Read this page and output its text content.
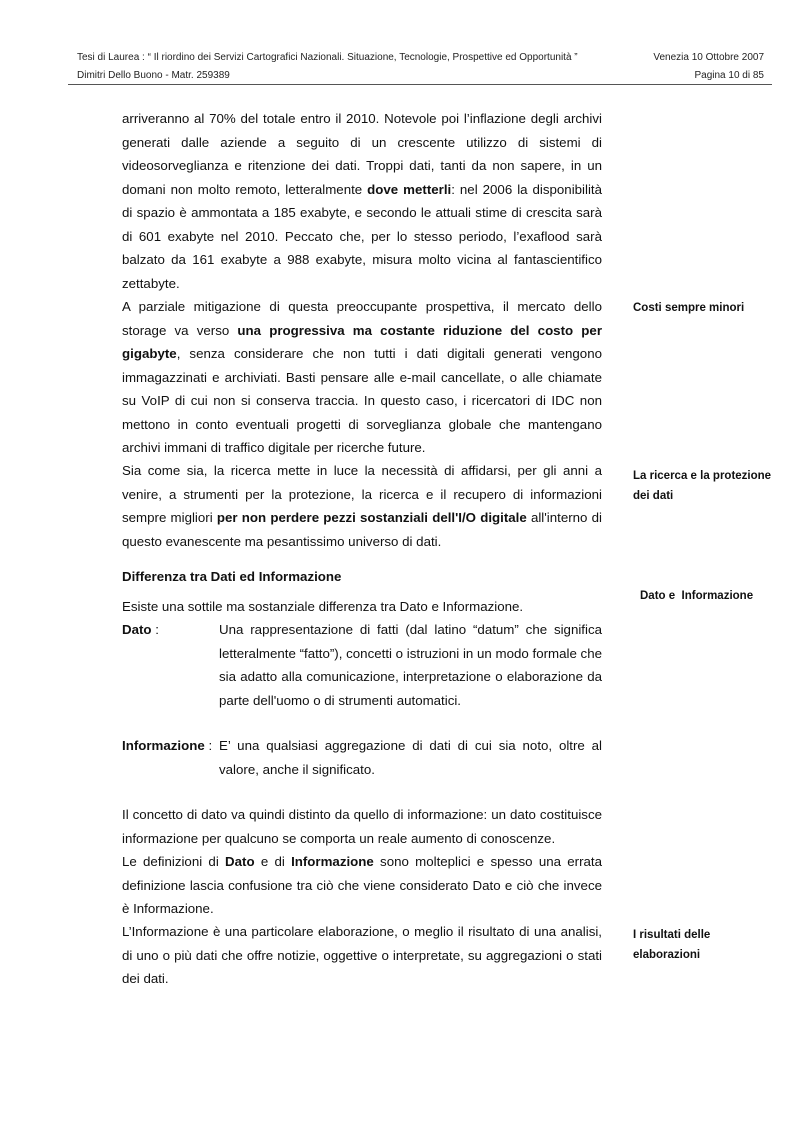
Tesi di Laurea : “ Il riordino dei Servizi Cartografici Nazionali. Situazione, Tecnologie, Prospettive ed Opportunità ”
Dimitri Dello Buono - Matr. 259389
Venezia 10 Ottobre 2007
Pagina 10 di 85

arriveranno al 70% del totale entro il 2010. Notevole poi l’inflazione degli archivi generati dalle aziende a seguito di un crescente utilizzo di sistemi di videosorveglianza e ritenzione dei dati. Troppi dati, tanti da non sapere, in un domani non molto remoto, letteralmente dove metterli: nel 2006 la disponibilità di spazio è ammontata a 185 exabyte, e secondo le attuali stime di crescita sarà di 601 exabyte nel 2010. Peccato che, per lo stesso periodo, l’exaflood sarà balzato da 161 exabyte a 988 exabyte, misura molto vicina al fantascientifico zettabyte.

A parziale mitigazione di questa preoccupante prospettiva, il mercato dello storage va verso una progressiva ma costante riduzione del costo per gigabyte, senza considerare che non tutti i dati digitali generati vengono immagazzinati e archiviati. Basti pensare alle e-mail cancellate, o alle chiamate su VoIP di cui non si conserva traccia. In questo caso, i ricercatori di IDC non mettono in conto eventuali progetti di sorveglianza globale che mantengano archivi immani di traffico digitale per ricerche future.

Sia come sia, la ricerca mette in luce la necessità di affidarsi, per gli anni a venire, a strumenti per la protezione, la ricerca e il recupero di informazioni sempre migliori per non perdere pezzi sostanziali dell'I/O digitale all'interno di questo evanescente ma pesantissimo universo di dati.

Differenza tra Dati ed Informazione

Esiste una sottile ma sostanziale differenza tra Dato e Informazione.

Dato :	Una rappresentazione di fatti (dal latino “datum” che significa letteralmente “fatto”), concetti o istruzioni in un modo formale che sia adatto alla comunicazione, interpretazione o elaborazione da parte dell'uomo o di strumenti automatici.

Informazione : E’ una qualsiasi aggregazione di dati di cui sia noto, oltre al valore, anche il significato.

Il concetto di dato va quindi distinto da quello di informazione: un dato costituisce informazione per qualcuno se comporta un reale aumento di conoscenze.

Le definizioni di Dato e di Informazione sono molteplici e spesso una errata definizione lascia confusione tra ciò che viene considerato Dato e ciò che invece è Informazione.

L’Informazione è una particolare elaborazione, o meglio il risultato di una analisi, di uno o più dati che offre notizie, oggettive o interpretate, su aggregazioni o stati dei dati.

Costi sempre minori
La ricerca e la protezione dei dati
Dato e  Informazione
I risultati delle elaborazioni
